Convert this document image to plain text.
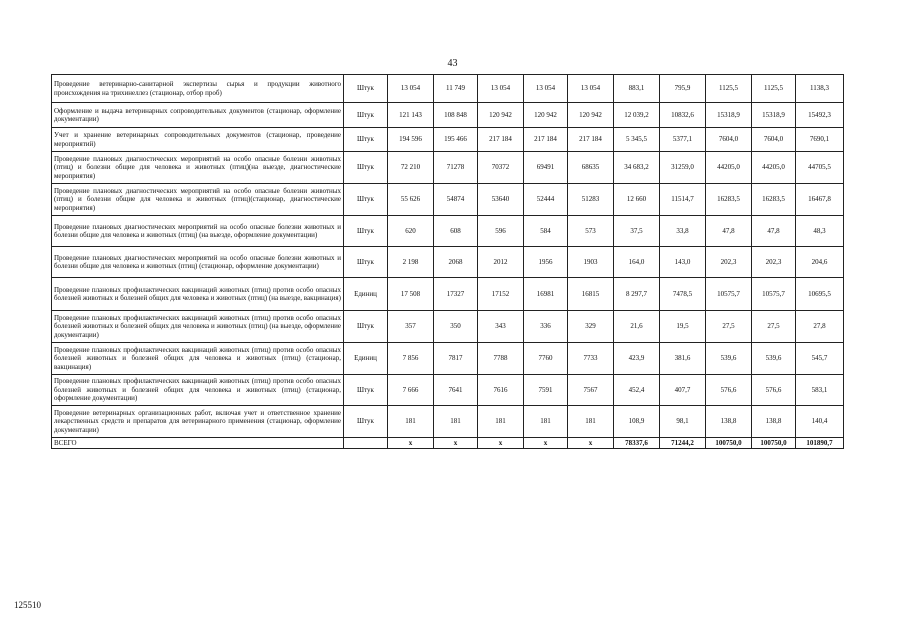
43
Проведение ветеринарно-санитарной экспертизы сырья и продукции животного происхождения на трихинеллез (стационар, отбор проб)	Штук	13 054	11 749	13 054	13 054	13 054	883,1	795,9	1125,5	1125,5	1138,3
Оформление и выдача ветеринарных сопроводительных документов (стационар, оформление документации)	Штук	121 143	108 848	120 942	120 942	120 942	12 039,2	10832,6	15318,9	15318,9	15492,3
Учет и хранение ветеринарных сопроводительных документов (стационар, проведение мероприятий)	Штук	194 596	195 466	217 184	217 184	217 184	5 345,5	5377,1	7604,0	7604,0	7690,1
Проведение плановых диагностических мероприятий на особо опасные болезни животных (птиц) и болезни общие для человека и животных (птиц)(на выезде, диагностические мероприятия)	Штук	72 210	71278	70372	69491	68635	34 683,2	31259,0	44205,0	44205,0	44705,5
Проведение плановых диагностических мероприятий на особо опасные болезни животных (птиц) и болезни общие для человека и животных (птиц)(стационар, диагностические мероприятия)	Штук	55 626	54874	53640	52444	51283	12 660	11514,7	16283,5	16283,5	16467,8
Проведение плановых диагностических мероприятий на особо опасные болезни животных и болезни общие для человека и животных (птиц) (на выезде, оформление документации)	Штук	620	608	596	584	573	37,5	33,8	47,8	47,8	48,3
Проведение плановых диагностических мероприятий на особо опасные болезни животных и болезни общие для человека и животных (птиц) (стационар, оформление документации)	Штук	2 198	2068	2012	1956	1903	164,0	143,0	202,3	202,3	204,6
Проведение плановых профилактических вакцинаций животных (птиц) против особо опасных болезней животных и болезней общих для человека и животных (птиц) (на выезде, вакцинация)	Единиц	17 508	17327	17152	16981	16815	8 297,7	7478,5	10575,7	10575,7	10695,5
Проведение плановых профилактических вакцинаций животных (птиц) против особо опасных болезней животных и болезней общих для человека и животных (птиц) (на выезде, оформление документации)	Штук	357	350	343	336	329	21,6	19,5	27,5	27,5	27,8
Проведение плановых профилактических вакцинаций животных (птиц) против особо опасных болезней животных и болезней общих для человека и животных (птиц) (стационар, вакцинация)	Единиц	7 856	7817	7788	7760	7733	423,9	381,6	539,6	539,6	545,7
Проведение плановых профилактических вакцинаций животных (птиц) против особо опасных болезней животных и болезней общих для человека и животных (птиц) (стационар, оформление документации)	Штук	7 666	7641	7616	7591	7567	452,4	407,7	576,6	576,6	583,1
Проведение ветеринарных организационных работ, включая учет и ответственное хранение лекарственных средств и препаратов для ветеринарного применения (стационар, оформление документации)	Штук	181	181	181	181	181	108,9	98,1	138,8	138,8	140,4
ВСЕГО		x	x	x	x	x	78337,6	71244,2	100750,0	100750,0	101890,7
125510
